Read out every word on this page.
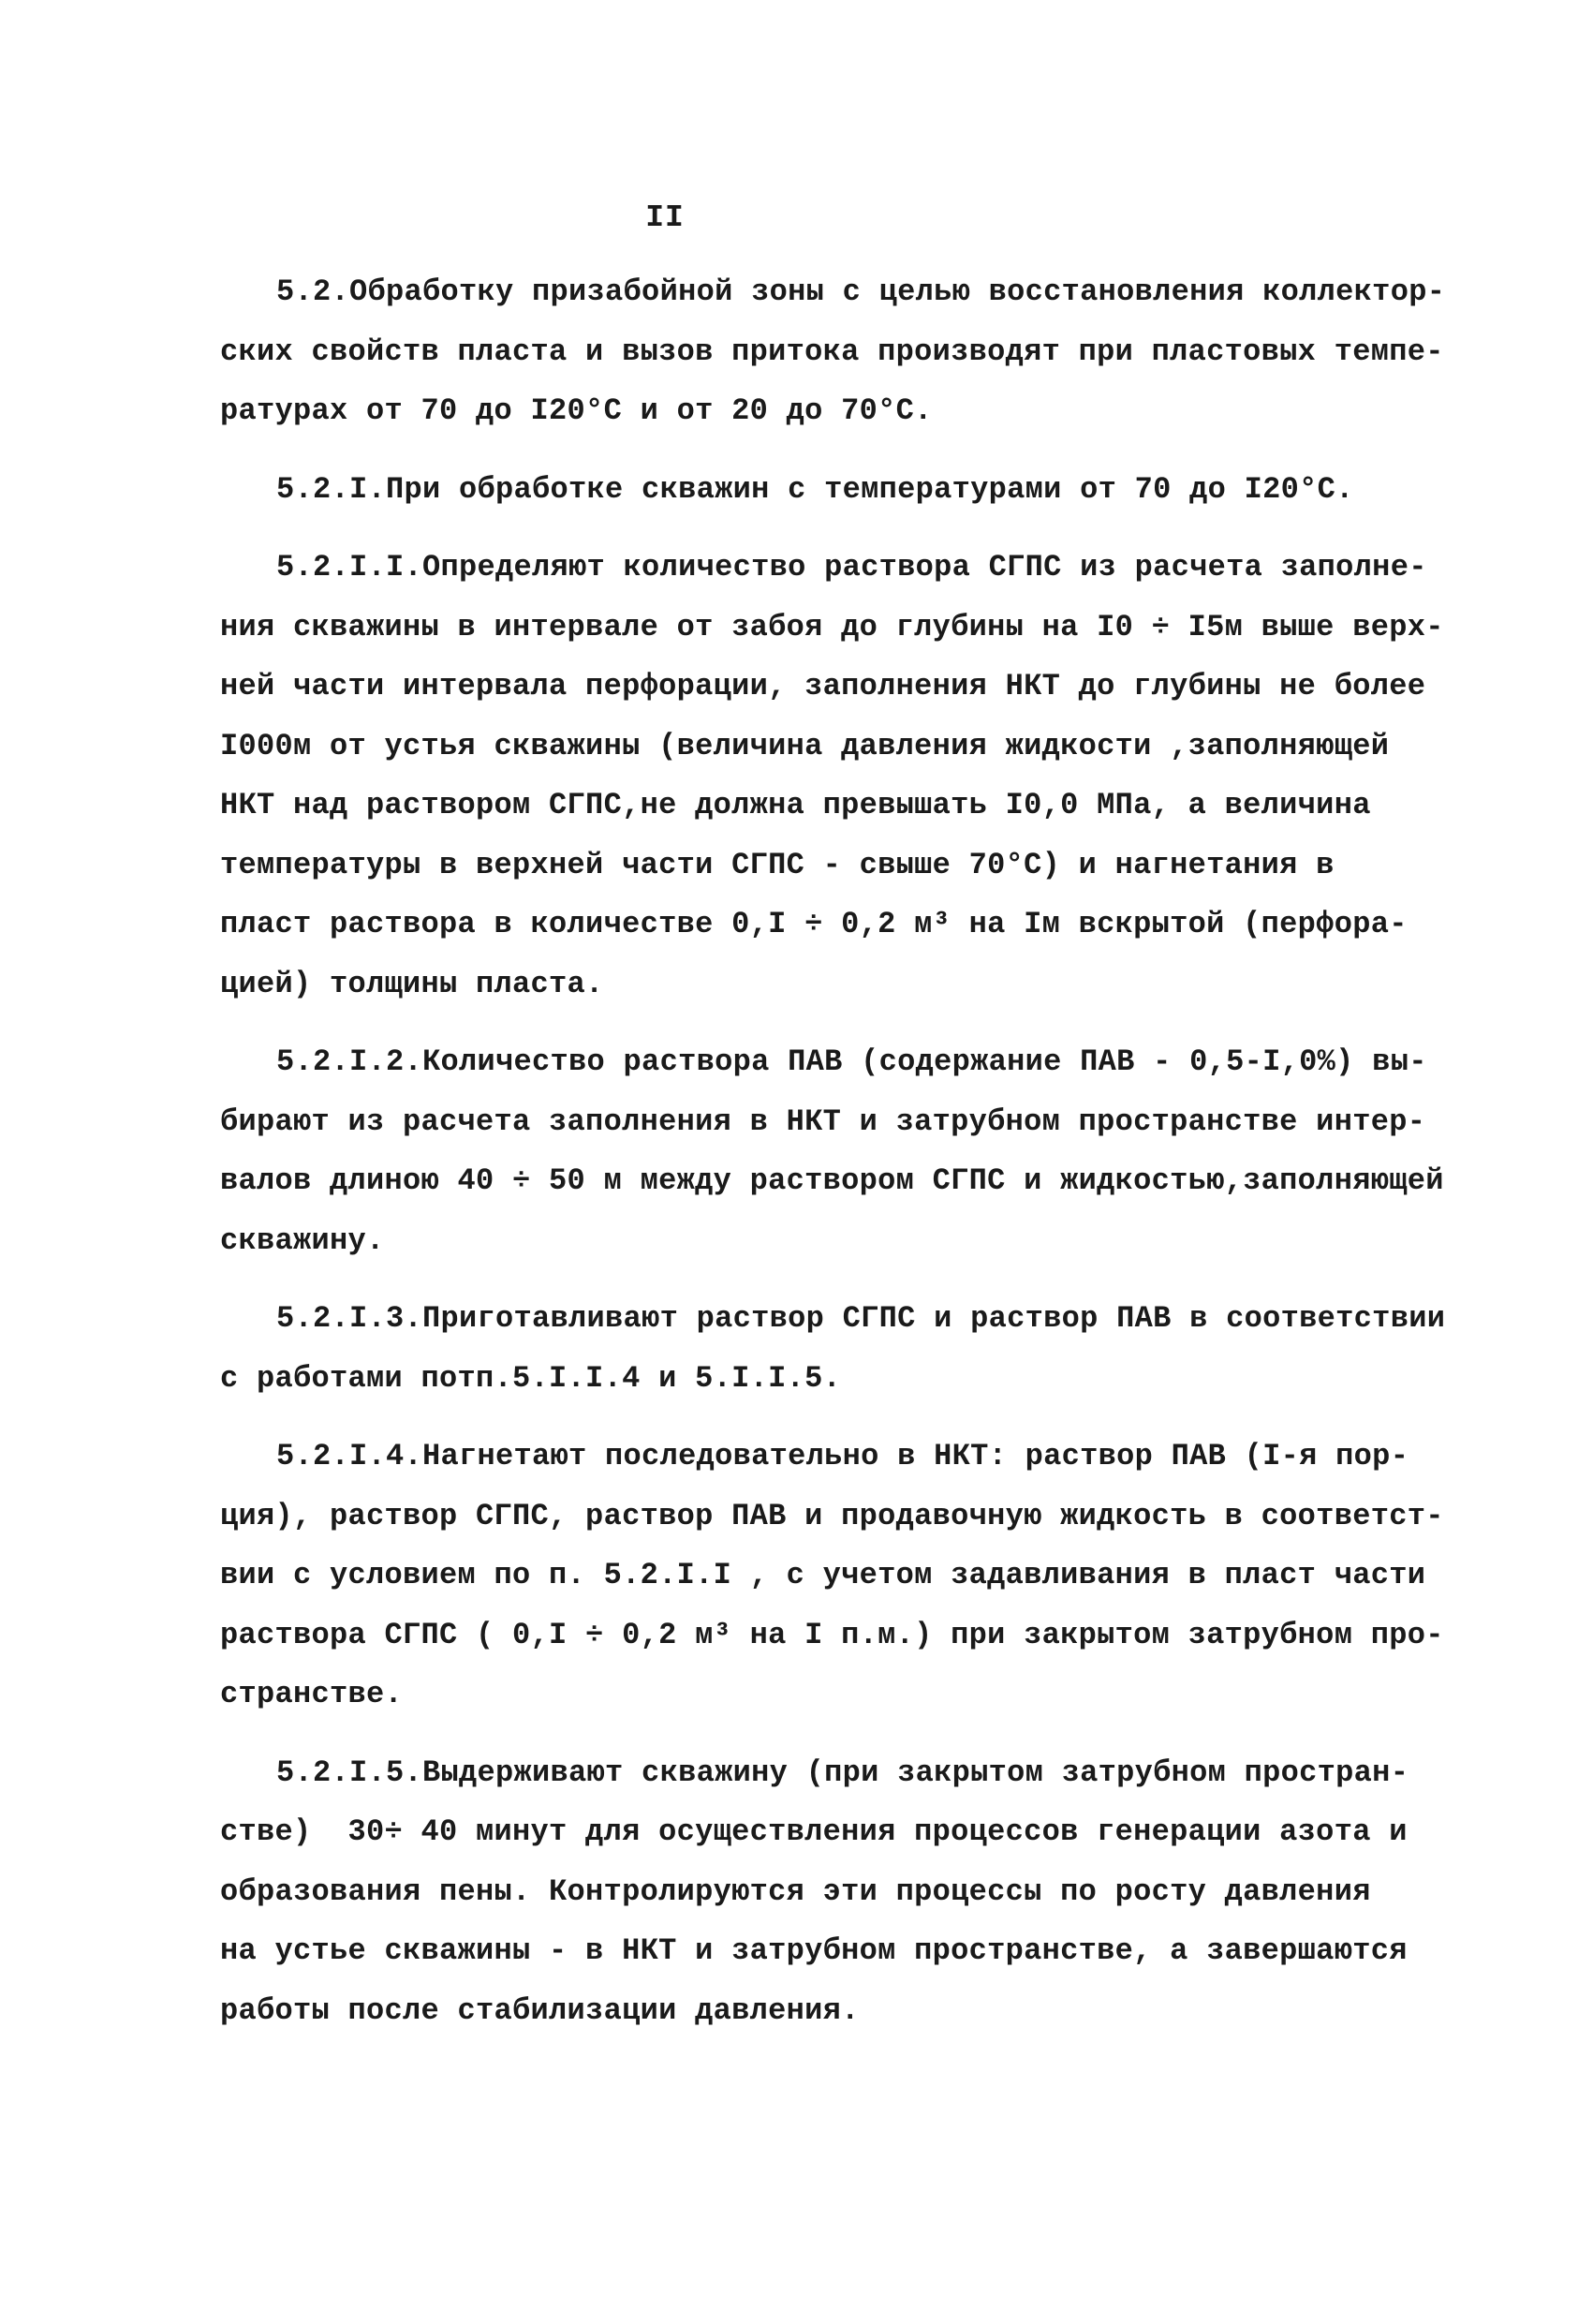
II

5.2.Обработку призабойной зоны с целью восстановления коллектор-
ских свойств пласта и вызов притока производят при пластовых темпе-
ратурах от 70 до I20°С и от 20 до 70°С.

5.2.I.При обработке скважин с температурами от 70 до I20°С.

5.2.I.I.Определяют количество раствора СГПС из расчета заполне-
ния скважины в интервале от забоя до глубины на I0 ÷ I5м выше верх-
ней части интервала перфорации, заполнения НКТ до глубины не более
I000м от устья скважины (величина давления жидкости ,заполняющей
НКТ над раствором СГПС,не должна превышать I0,0 МПа, а величина
температуры в верхней части СГПС - свыше 70°С) и нагнетания в
пласт раствора в количестве 0,I ÷ 0,2 м³ на Iм вскрытой (перфора-
цией) толщины пласта.

5.2.I.2.Количество раствора ПАВ (содержание ПАВ - 0,5-I,0%) вы-
бирают из расчета заполнения в НКТ и затрубном пространстве интер-
валов длиною 40 ÷ 50 м между раствором СГПС и жидкостью,заполняющей
скважину.

5.2.I.3.Приготавливают раствор СГПС и раствор ПАВ в соответствии
с работами потп.5.I.I.4 и 5.I.I.5.

5.2.I.4.Нагнетают последовательно в НКТ: раствор ПАВ (I-я пор-
ция), раствор СГПС, раствор ПАВ и продавочную жидкость в соответст-
вии с условием по п. 5.2.I.I , с учетом задавливания в пласт части
раствора СГПС ( 0,I ÷ 0,2 м³ на I п.м.) при закрытом затрубном про-
странстве.

5.2.I.5.Выдерживают скважину (при закрытом затрубном простран-
стве)  30÷ 40 минут для осуществления процессов генерации азота и
образования пены. Контролируются эти процессы по росту давления
на устье скважины - в НКТ и затрубном пространстве, а завершаются
работы после стабилизации давления.
